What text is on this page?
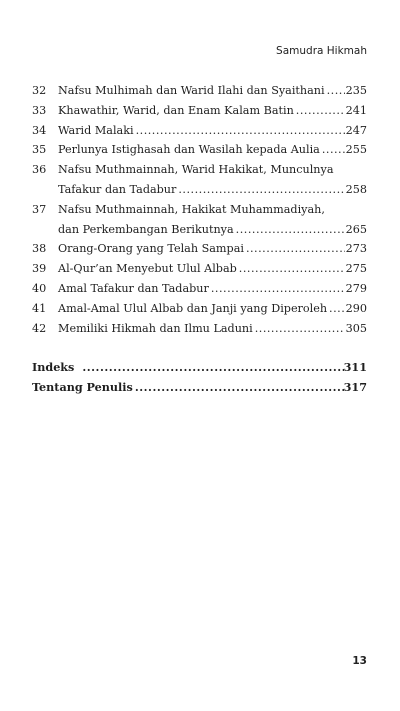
Samudra Hikmah
32	Nafsu Mulhimah dan Warid Ilahi dan Syaithani ..... 235
33	Khawathir, Warid, dan Enam Kalam Batin .....	241
34	Warid Malaki .....	247
35	Perlunya Istighasah dan Wasilah kepada Aulia ..... 255
36	Nafsu Muthmainnah, Warid Hakikat, Munculnya
Tafakur dan Tadabur .....	258
37	Nafsu Muthmainnah, Hakikat Muhammadiyah,
dan Perkembangan Berikutnya .....	265
38	Orang-Orang yang Telah Sampai .....	273
39	Al-Qur’an Menyebut Ulul Albab .....	275
40	Amal Tafakur dan Tadabur .....	279
41	Amal-Amal Ulul Albab dan Janji yang Diperoleh ..... 290
42	Memiliki Hikmah dan Ilmu Laduni .....	305
Indeks .....	311
Tentang Penulis .....	317
13
